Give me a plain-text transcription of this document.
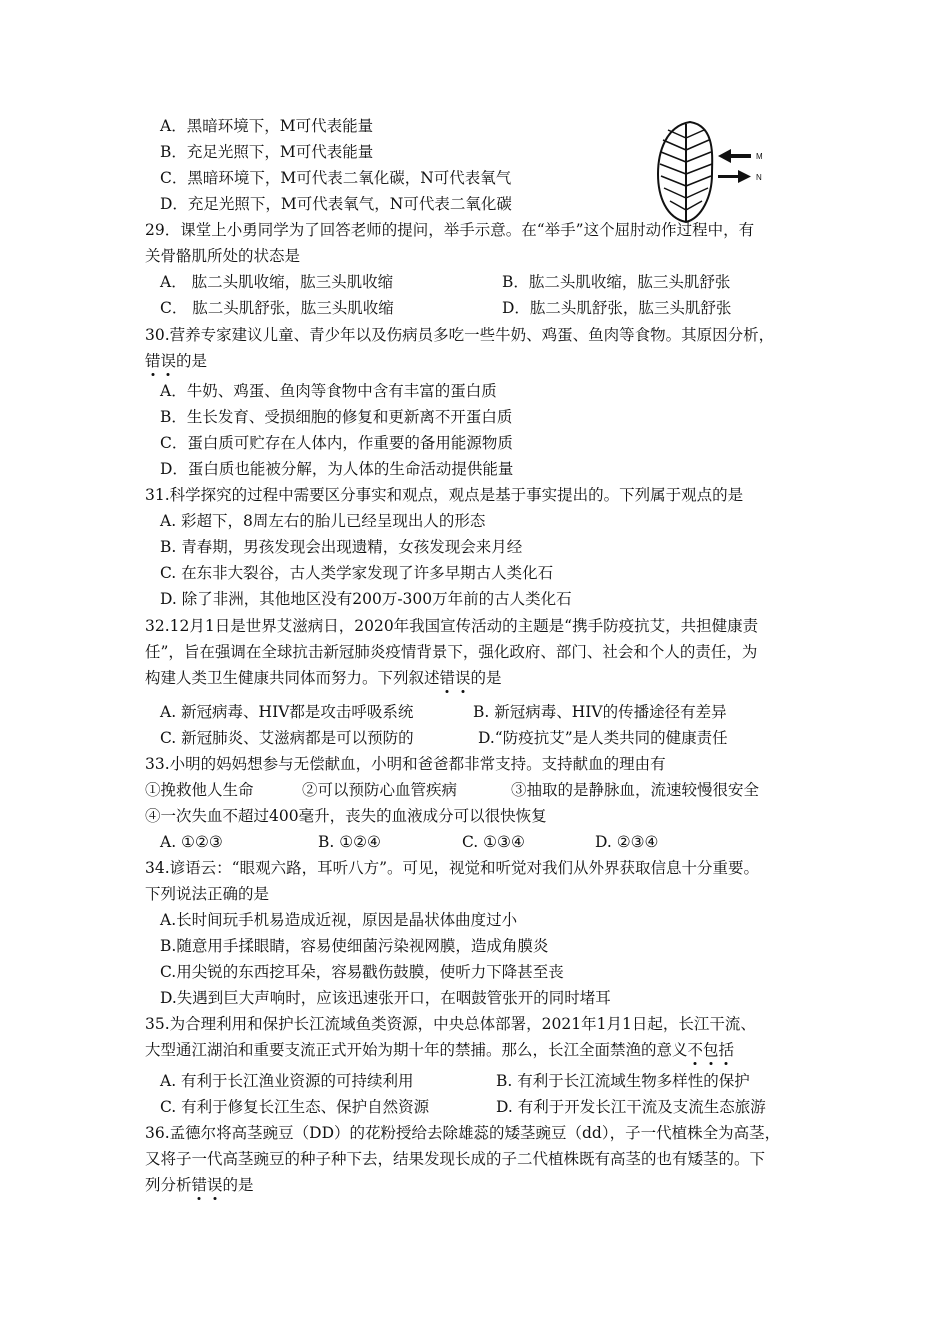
A．黑暗环境下，M可代表能量
B．充足光照下，M可代表能量
C．黑暗环境下，M可代表二氧化碳，N可代表氧气
D．充足光照下，M可代表氧气，N可代表二氧化碳
M
N
29．课堂上小勇同学为了回答老师的提问，举手示意。在“举手”这个屈肘动作过程中，有
关骨骼肌所处的状态是
A． 肱二头肌收缩，肱三头肌收缩	B．肱二头肌收缩，肱三头肌舒张
C． 肱二头肌舒张，肱三头肌收缩	D．肱二头肌舒张，肱三头肌舒张
30.营养专家建议儿童、青少年以及伤病员多吃一些牛奶、鸡蛋、鱼肉等食物。其原因分析，
错误的是
A．牛奶、鸡蛋、鱼肉等食物中含有丰富的蛋白质
B．生长发育、受损细胞的修复和更新离不开蛋白质
C．蛋白质可贮存在人体内，作重要的备用能源物质
D．蛋白质也能被分解，为人体的生命活动提供能量
31.科学探究的过程中需要区分事实和观点，观点是基于事实提出的。下列属于观点的是
A. 彩超下，8周左右的胎儿已经呈现出人的形态
B. 青春期，男孩发现会出现遗精，女孩发现会来月经
C. 在东非大裂谷，古人类学家发现了许多早期古人类化石
D. 除了非洲，其他地区没有200万-300万年前的古人类化石
32.12月1日是世界艾滋病日，2020年我国宣传活动的主题是“携手防疫抗艾，共担健康责
任”，旨在强调在全球抗击新冠肺炎疫情背景下，强化政府、部门、社会和个人的责任，为
构建人类卫生健康共同体而努力。下列叙述错误的是
A. 新冠病毒、HIV都是攻击呼吸系统	B. 新冠病毒、HIV的传播途径有差异
C. 新冠肺炎、艾滋病都是可以预防的	D.“防疫抗艾”是人类共同的健康责任
33.小明的妈妈想参与无偿献血，小明和爸爸都非常支持。支持献血的理由有
①挽救他人生命	②可以预防心血管疾病	③抽取的是静脉血，流速较慢很安全
④一次失血不超过400毫升，丧失的血液成分可以很快恢复
A. ①②③	B. ①②④	C. ①③④	D. ②③④
34.谚语云：“眼观六路，耳听八方”。可见，视觉和听觉对我们从外界获取信息十分重要。
下列说法正确的是
A.长时间玩手机易造成近视，原因是晶状体曲度过小
B.随意用手揉眼睛，容易使细菌污染视网膜，造成角膜炎
C.用尖锐的东西挖耳朵，容易戳伤鼓膜，使听力下降甚至丧
D.失遇到巨大声响时，应该迅速张开口，在咽鼓管张开的同时堵耳
35.为合理利用和保护长江流域鱼类资源，中央总体部署，2021年1月1日起，长江干流、
大型通江湖泊和重要支流正式开始为期十年的禁捕。那么，长江全面禁渔的意义不包括
A. 有利于长江渔业资源的可持续利用	B. 有利于长江流域生物多样性的保护
C. 有利于修复长江生态、保护自然资源	D. 有利于开发长江干流及支流生态旅游
36.孟德尔将高茎豌豆（DD）的花粉授给去除雄蕊的矮茎豌豆（dd），子一代植株全为高茎，
又将子一代高茎豌豆的种子种下去，结果发现长成的子二代植株既有高茎的也有矮茎的。下
列分析错误的是
